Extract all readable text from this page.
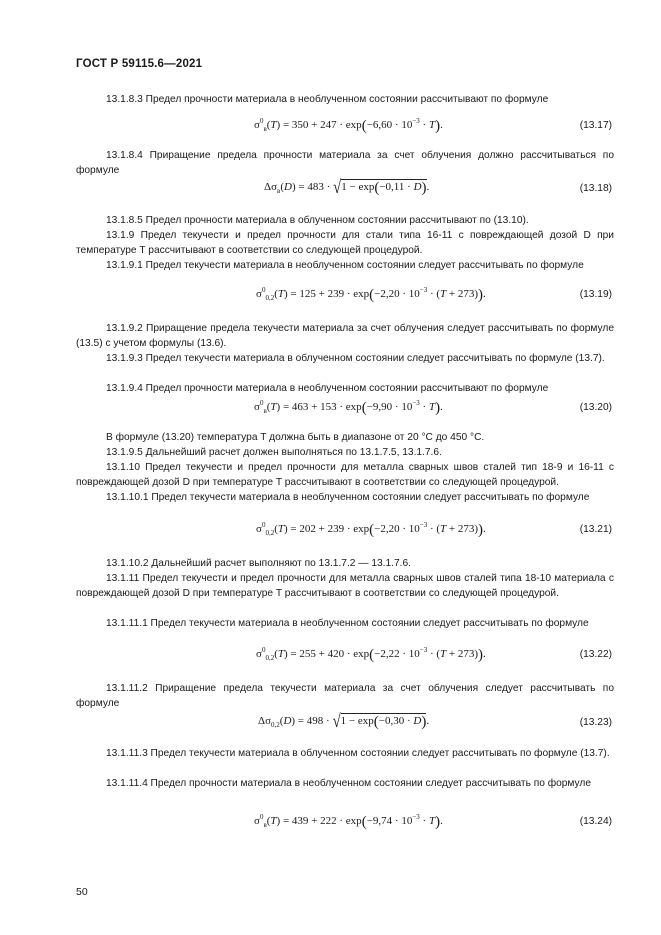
ГОСТ Р 59115.6—2021
13.1.8.3 Предел прочности материала в необлученном состоянии рассчитывают по формуле
$\sigma^0_в(T) = 350 + 247 \cdot \exp(-6,60 \cdot 10^{-3} \cdot T)$.	(13.17)
13.1.8.4 Приращение предела прочности материала за счет облучения должно рассчитываться по формуле
$\Delta\sigma_в(D) = 483 \cdot √1 - \exp(-0,11 \cdot D)$.	(13.18)
13.1.8.5 Предел прочности материала в облученном состоянии рассчитывают по (13.10).
13.1.9 Предел текучести и предел прочности для стали типа 16-11 с повреждающей дозой D при температуре T рассчитывают в соответствии со следующей процедурой.
13.1.9.1 Предел текучести материала в необлученном состоянии следует рассчитывать по формуле
$\sigma^0_{0,2}(T) = 125 + 239 \cdot \exp(-2,20 \cdot 10^{-3} \cdot (T + 273))$.	(13.19)
13.1.9.2 Приращение предела текучести материала за счет облучения следует рассчитывать по формуле (13.5) с учетом формулы (13.6).
13.1.9.3 Предел текучести материала в облученном состоянии следует рассчитывать по формуле (13.7).
13.1.9.4 Предел прочности материала в необлученном состоянии рассчитывают по формуле
$\sigma^0_в(T) = 463 + 153 \cdot \exp(-9,90 \cdot 10^{-3} \cdot T)$.	(13.20)
В формуле (13.20) температура T должна быть в диапазоне от 20 °С до 450 °С.
13.1.9.5 Дальнейший расчет должен выполняться по 13.1.7.5, 13.1.7.6.
13.1.10 Предел текучести и предел прочности для металла сварных швов сталей тип 18-9 и 16-11 с повреждающей дозой D при температуре T рассчитывают в соответствии со следующей процедурой.
13.1.10.1 Предел текучести материала в необлученном состоянии следует рассчитывать по формуле
$\sigma^0_{0,2}(T) = 202 + 239 \cdot \exp(-2,20 \cdot 10^{-3} \cdot (T + 273))$.	(13.21)
13.1.10.2 Дальнейший расчет выполняют по 13.1.7.2 — 13.1.7.6.
13.1.11 Предел текучести и предел прочности для металла сварных швов сталей типа 18-10 материала с повреждающей дозой D при температуре T рассчитывают в соответствии со следующей процедурой.
13.1.11.1 Предел текучести материала в необлученном состоянии следует рассчитывать по формуле
$\sigma^0_{0,2}(T) = 255 + 420 \cdot \exp(-2,22 \cdot 10^{-3} \cdot (T + 273))$.	(13.22)
13.1.11.2 Приращение предела текучести материала за счет облучения следует рассчитывать по формуле
$\Delta\sigma_{0,2}(D) = 498 \cdot √1 - \exp(-0,30 \cdot D)$.	(13.23)
13.1.11.3 Предел текучести материала в облученном состоянии следует рассчитывать по формуле (13.7).
13.1.11.4 Предел прочности материала в необлученном состоянии следует рассчитывать по формуле
$\sigma^0_в(T) = 439 + 222 \cdot \exp(-9,74 \cdot 10^{-3} \cdot T)$.	(13.24)
50
